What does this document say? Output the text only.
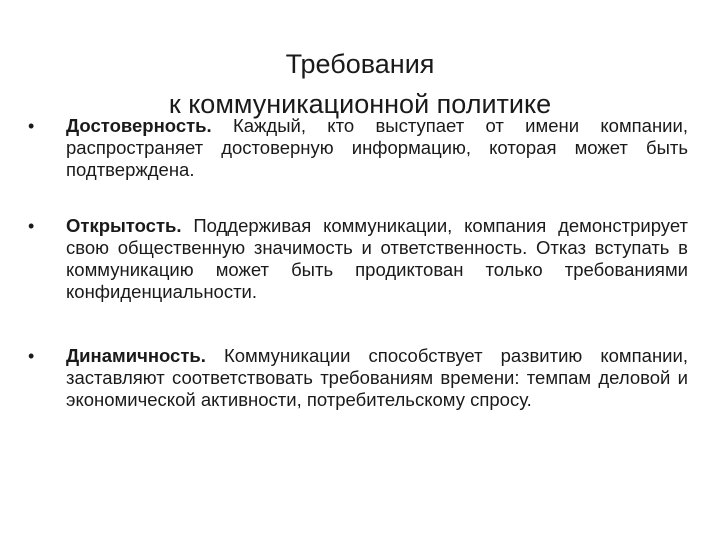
Требования
к коммуникационной политике
• Достоверность. Каждый, кто выступает от имени компании, распространяет достоверную информацию, которая может быть подтверждена.
• Открытость. Поддерживая коммуникации, компания демонстрирует свою общественную значимость и ответственность. Отказ вступать в коммуникацию может быть продиктован только требованиями конфиденциальности.
• Динамичность. Коммуникации способствует развитию компании, заставляют соответствовать требованиям времени: темпам деловой и экономической активности, потребительскому спросу.
